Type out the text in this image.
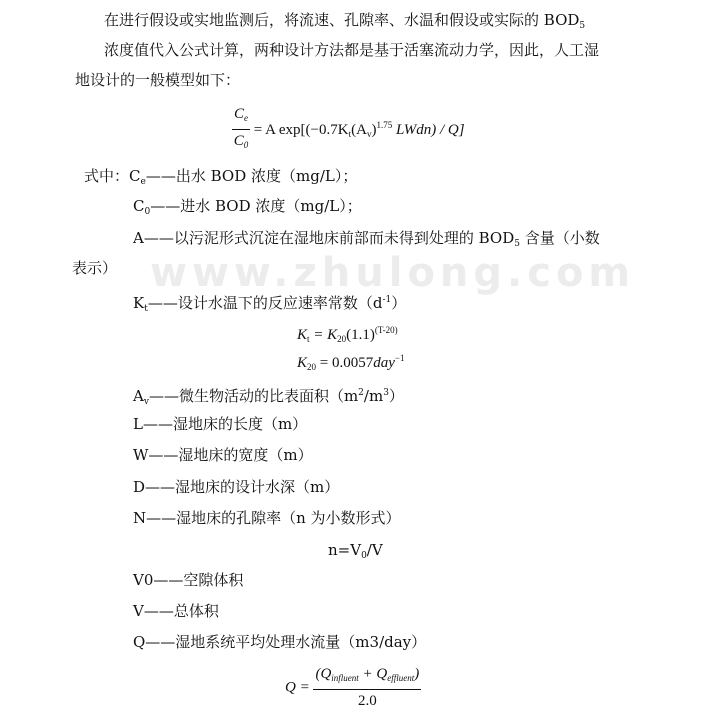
www.zhulong.com
在进行假设或实地监测后，将流速、孔隙率、水温和假设或实际的 $BOD_5$
浓度值代入公式计算，两种设计方法都是基于活塞流动力学，因此，人工湿
地设计的一般模型如下：
$\frac{C_e}{C_0} = A$ $\exp[(-0.7K_t(A_v)^{1.75}$ LWdn) / Q]
式中：$C_e——$出水 BOD 浓度（mg/L）；
$C_0——$进水 BOD 浓度（mg/L）；
A——以污泥形式沉淀在湿地床前部而未得到处理的 $BOD_5$ 含量（小数
表示）
$K_t——$设计水温下的反应速率常数$(d^{-1})$
$K_t = K_{20}(1.1)^{(T-20)}$
$K_{20} = 0.0057day^{-1}$
$A_v——$微生物活动的比表面积$(m^2/m^3)$
L——湿地床的长度（m）
W——湿地床的宽度（m）
D——湿地床的设计水深（m）
N——湿地床的孔隙率（n 为小数形式）
$n=V_0/V$
V0——空隙体积
V——总体积
Q——湿地系统平均处理水流量（m3/day）
$Q = \frac{(Q_{influent} + Q_{effluent})}{2.0}$
